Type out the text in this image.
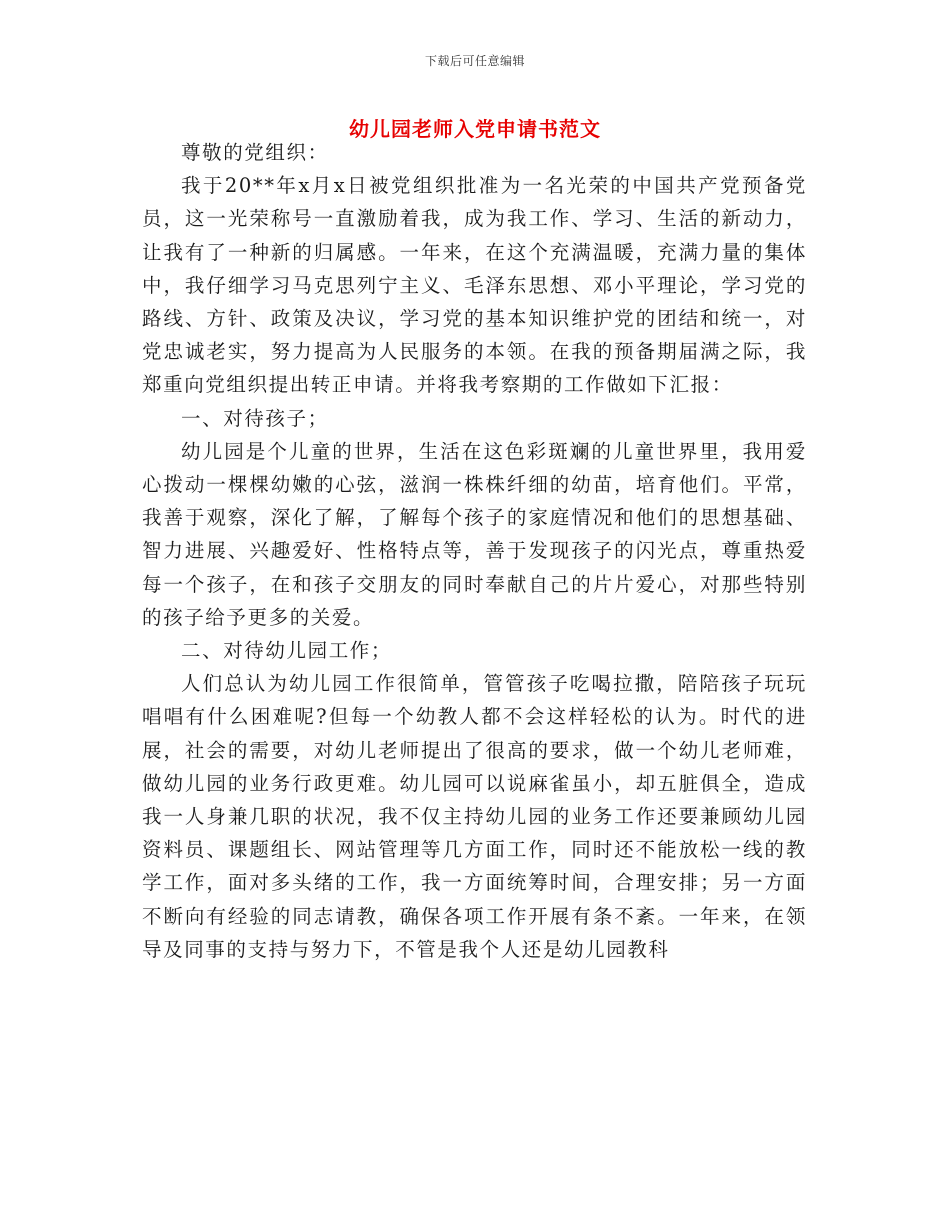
下载后可任意编辑
幼儿园老师入党申请书范文

尊敬的党组织：

我于20**年x月x日被党组织批准为一名光荣的中国共产党预备党员，这一光荣称号一直激励着我，成为我工作、学习、生活的新动力，让我有了一种新的归属感。一年来，在这个充满温暖，充满力量的集体中，我仔细学习马克思列宁主义、毛泽东思想、邓小平理论，学习党的路线、方针、政策及决议，学习党的基本知识维护党的团结和统一，对党忠诚老实，努力提高为人民服务的本领。在我的预备期届满之际，我郑重向党组织提出转正申请。并将我考察期的工作做如下汇报：

一、对待孩子；

幼儿园是个儿童的世界，生活在这色彩斑斓的儿童世界里，我用爱心拨动一棵棵幼嫩的心弦，滋润一株株纤细的幼苗，培育他们。平常，我善于观察，深化了解，了解每个孩子的家庭情况和他们的思想基础、智力进展、兴趣爱好、性格特点等，善于发现孩子的闪光点，尊重热爱每一个孩子，在和孩子交朋友的同时奉献自己的片片爱心，对那些特别的孩子给予更多的关爱。

二、对待幼儿园工作；

人们总认为幼儿园工作很简单，管管孩子吃喝拉撒，陪陪孩子玩玩唱唱有什么困难呢?但每一个幼教人都不会这样轻松的认为。时代的进展，社会的需要，对幼儿老师提出了很高的要求，做一个幼儿老师难，做幼儿园的业务行政更难。幼儿园可以说麻雀虽小，却五脏俱全，造成我一人身兼几职的状况，我不仅主持幼儿园的业务工作还要兼顾幼儿园资料员、课题组长、网站管理等几方面工作，同时还不能放松一线的教学工作，面对多头绪的工作，我一方面统筹时间，合理安排；另一方面不断向有经验的同志请教，确保各项工作开展有条不紊。一年来，在领导及同事的支持与努力下，不管是我个人还是幼儿园教科
